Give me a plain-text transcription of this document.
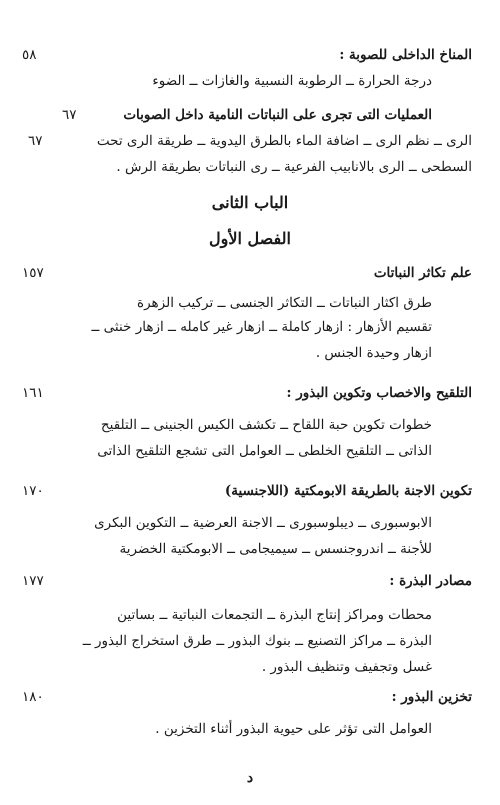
المناخ الداخلى للصوبة :
٥٨
درجة الحرارة ــ الرطوبة النسبية والغازات ــ الضوء
العمليات التى تجرى على النباتات النامية داخل الصوبات
٦٧
الرى ــ نظم الرى ــ اضافة الماء بالطرق اليدوية ــ طريقة الرى تحت
٦٧
السطحى ــ الرى بالانابيب الفرعية ــ رى النباتات بطريقة الرش .
الباب الثانى
الفصل الأول
علم تكاثر النباتات
١٥٧
طرق اكثار النباتات ــ التكاثر الجنسى ــ تركيب الزهرة
تقسيم الأزهار : ازهار كاملة ــ ازهار غير كامله ــ ازهار خنثى ــ
ازهار وحيدة الجنس .
التلقيح والاخصاب وتكوين البذور :
١٦١
خطوات تكوين حبة اللقاح ــ تكشف الكيس الجنينى ــ التلقيح
الذاتى ــ التلقيح الخلطى ــ العوامل التى تشجع التلقيح الذاتى
تكوين الاجنة بالطريقة الابومكتية (اللاجنسية)
١٧٠
الابوسبورى ــ ديبلوسبورى ــ الاجنة العرضية ــ التكوين البكرى
للأجنة ــ اندروجنسس ــ سيميجامى ــ الابومكتية الخضرية
مصادر البذرة :
١٧٧
محطات ومراكز إنتاج البذرة ــ التجمعات النباتية ــ بساتين
البذرة ــ مراكز التصنيع ــ بنوك البذور ــ طرق استخراج البذور ــ
غسل وتجفيف وتنظيف البذور .
تخزين البذور :
١٨٠
العوامل التى تؤثر على حيوية البذور أثناء التخزين .
د
